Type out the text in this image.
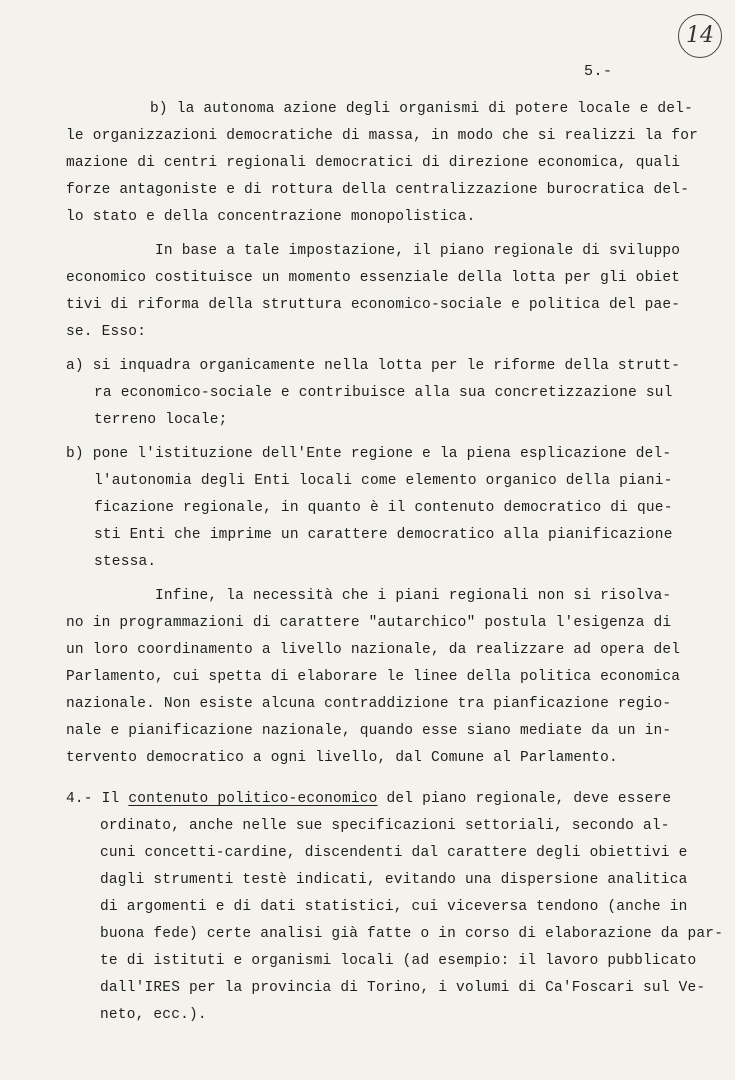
14
5.-
b) la autonoma azione degli organismi di potere locale e del-
le organizzazioni democratiche di massa, in modo che si realizzi la for
mazione di centri regionali democratici di direzione economica, quali
forze antagoniste e di rottura della centralizzazione burocratica del-
lo stato e della concentrazione monopolistica.
In base a tale impostazione, il piano regionale di sviluppo
economico costituisce un momento essenziale della lotta per gli obiet
tivi di riforma della struttura economico-sociale e politica del pae-
se. Esso:
a) si inquadra organicamente nella lotta per le riforme della strutt-
ra economico-sociale e contribuisce alla sua concretizzazione sul
terreno locale;
b) pone l'istituzione dell'Ente regione e la piena esplicazione del-
l'autonomia degli Enti locali come elemento organico della piani-
ficazione regionale, in quanto è il contenuto democratico di que-
sti Enti che imprime un carattere democratico alla pianificazione
stessa.
Infine, la necessità che i piani regionali non si risolva-
no in programmazioni di carattere "autarchico" postula l'esigenza di
un loro coordinamento a livello nazionale, da realizzare ad opera del
Parlamento, cui spetta di elaborare le linee della politica economica
nazionale. Non esiste alcuna contraddizione tra pianficazione regio-
nale e pianificazione nazionale, quando esse siano mediate da un in-
tervento democratico a ogni livello, dal Comune al Parlamento.
4.- Il contenuto politico-economico del piano regionale, deve essere
ordinato, anche nelle sue specificazioni settoriali, secondo al-
cuni concetti-cardine, discendenti dal carattere degli obiettivi e
dagli strumenti testè indicati, evitando una dispersione analitica
di argomenti e di dati statistici, cui viceversa tendono (anche in
buona fede) certe analisi già fatte o in corso di elaborazione da par-
te di istituti e organismi locali (ad esempio: il lavoro pubblicato
dall'IRES per la provincia di Torino, i volumi di Ca'Foscari sul Ve-
neto, ecc.).
